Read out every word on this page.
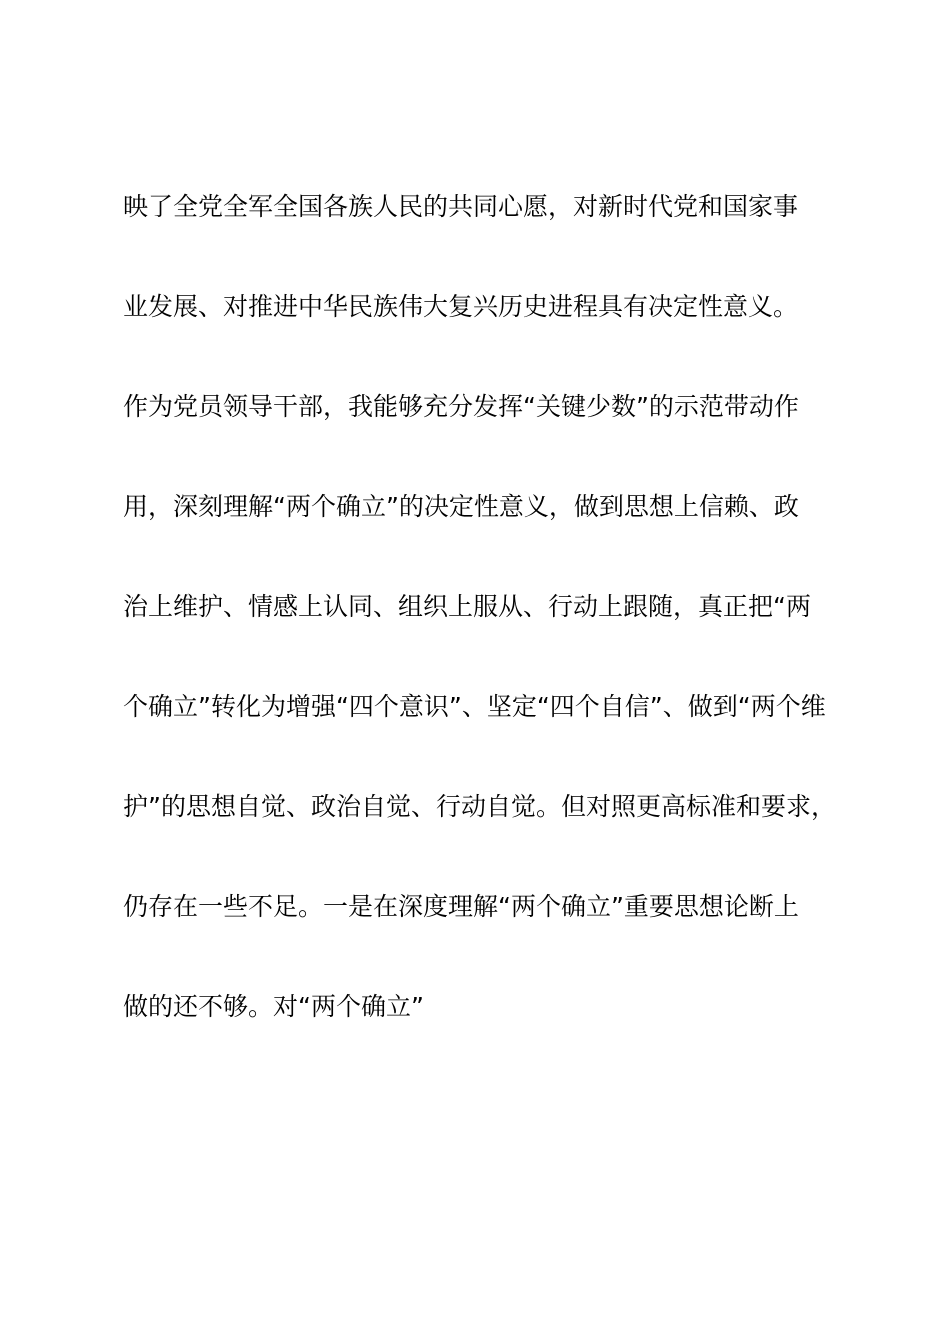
映了全党全军全国各族人民的共同心愿，对新时代党和国家事
业发展、对推进中华民族伟大复兴历史进程具有决定性意义。
作为党员领导干部，我能够充分发挥“关键少数”的示范带动作
用，深刻理解“两个确立”的决定性意义，做到思想上信赖、政
治上维护、情感上认同、组织上服从、行动上跟随，真正把“两
个确立”转化为增强“四个意识”、坚定“四个自信”、做到“两个维
护”的思想自觉、政治自觉、行动自觉。但对照更高标准和要求，
仍存在一些不足。一是在深度理解“两个确立”重要思想论断上
做的还不够。对“两个确立”
